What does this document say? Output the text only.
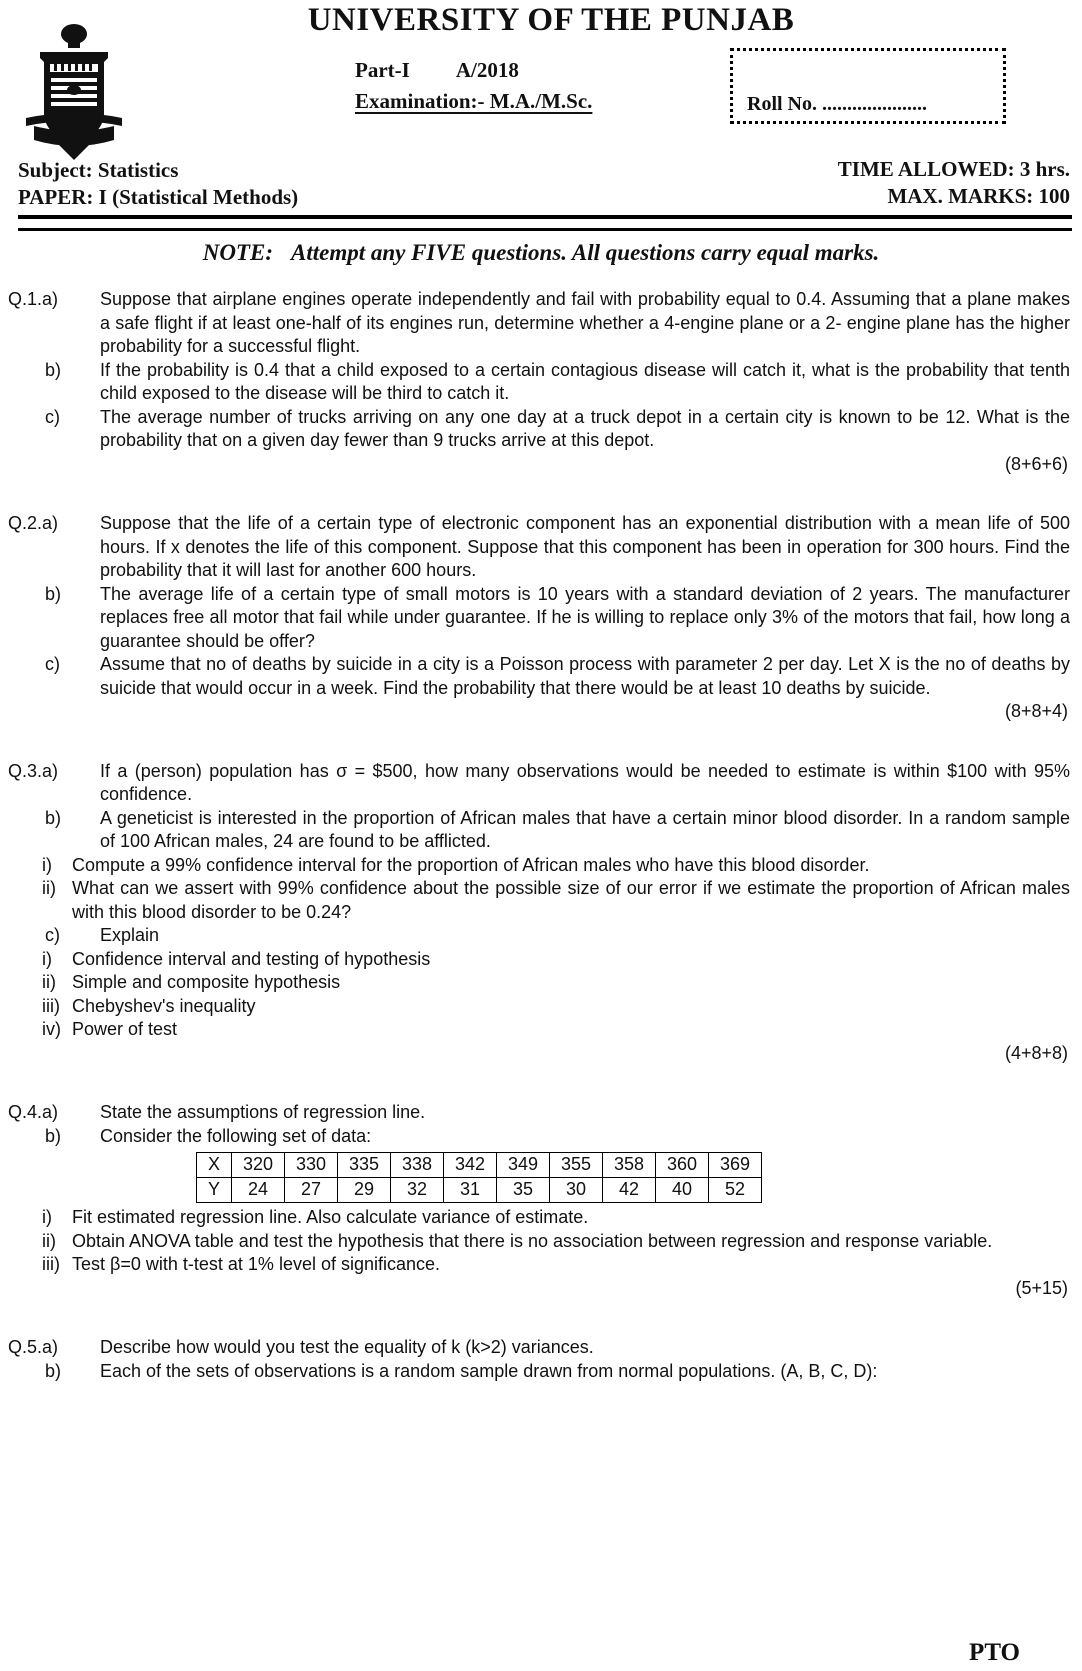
UNIVERSITY OF THE PUNJAB
Part-I A/2018
Examination:- M.A./M.Sc.	Roll No. .....................
Subject: Statistics
PAPER: I (Statistical Methods)
TIME ALLOWED: 3 hrs.
MAX. MARKS: 100
NOTE: Attempt any FIVE questions. All questions carry equal marks.
Q.1.a)	Suppose that airplane engines operate independently and fail with probability equal to 0.4. Assuming that a plane makes a safe flight if at least one-half of its engines run, determine whether a 4-engine plane or a 2- engine plane has the higher probability for a successful flight.
b)	If the probability is 0.4 that a child exposed to a certain contagious disease will catch it, what is the probability that tenth child exposed to the disease will be third to catch it.
c)	The average number of trucks arriving on any one day at a truck depot in a certain city is known to be 12. What is the probability that on a given day fewer than 9 trucks arrive at this depot.
(8+6+6)
Q.2.a)	Suppose that the life of a certain type of electronic component has an exponential distribution with a mean life of 500 hours. If x denotes the life of this component. Suppose that this component has been in operation for 300 hours. Find the probability that it will last for another 600 hours.
b)	The average life of a certain type of small motors is 10 years with a standard deviation of 2 years. The manufacturer replaces free all motor that fail while under guarantee. If he is willing to replace only 3% of the motors that fail, how long a guarantee should be offer?
c)	Assume that no of deaths by suicide in a city is a Poisson process with parameter 2 per day. Let X is the no of deaths by suicide that would occur in a week. Find the probability that there would be at least 10 deaths by suicide.
(8+8+4)
Q.3.a)	If a (person) population has σ = $500, how many observations would be needed to estimate is within $100 with 95% confidence.
b)	A geneticist is interested in the proportion of African males that have a certain minor blood disorder. In a random sample of 100 African males, 24 are found to be afflicted.
i)	Compute a 99% confidence interval for the proportion of African males who have this blood disorder.
ii) What can we assert with 99% confidence about the possible size of our error if we estimate the proportion of African males with this blood disorder to be 0.24?
c)	Explain
i)	Confidence interval and testing of hypothesis
ii) Simple and composite hypothesis
iii) Chebyshev's inequality
iv) Power of test
(4+8+8)
Q.4.a)	State the assumptions of regression line.
b)	Consider the following set of data:
X	320	330	335	338	342	349	355	358	360	369
Y	24	27	29	32	31	35	30	42	40	52
i)	Fit estimated regression line. Also calculate variance of estimate.
ii) Obtain ANOVA table and test the hypothesis that there is no association between regression and response variable.
iii) Test β=0 with t-test at 1% level of significance.
(5+15)
Q.5.a)	Describe how would you test the equality of k (k>2) variances.
b)	Each of the sets of observations is a random sample drawn from normal populations. (A, B, C, D):
PTO
